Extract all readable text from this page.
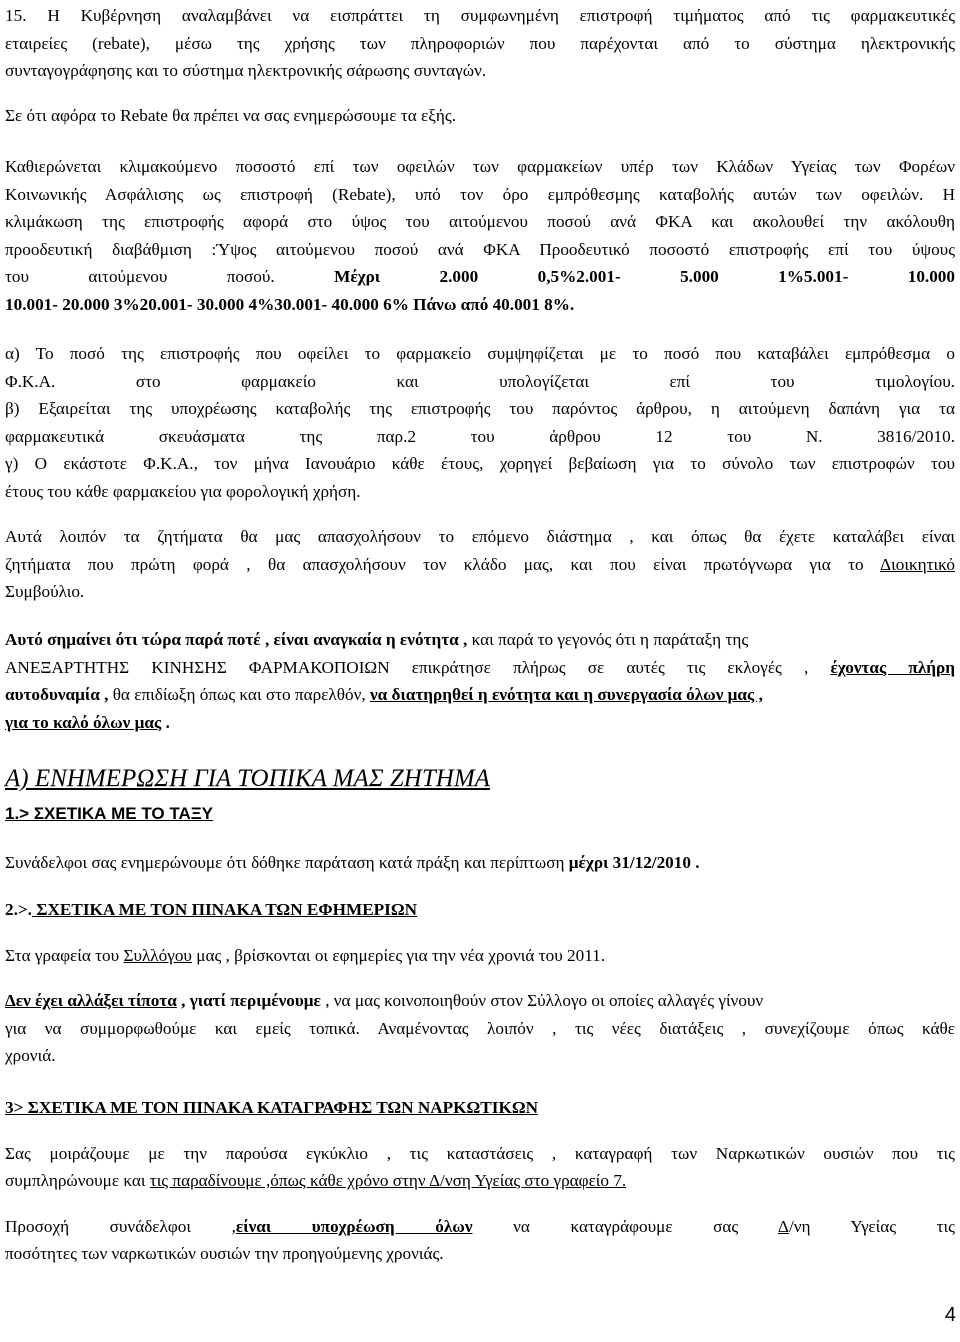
15. Η Κυβέρνηση αναλαμβάνει να εισπράττει τη συμφωνημένη επιστροφή τιμήματος από τις φαρμακευτικές

εταιρείες (rebate), μέσω της χρήσης των πληροφοριών που παρέχονται από το σύστημα ηλεκτρονικής

συνταγογράφησης και το σύστημα ηλεκτρονικής σάρωσης συνταγών.

Σε ότι αφόρα το Rebate θα πρέπει να σας ενημερώσουμε τα εξής.

Καθιερώνεται κλιμακούμενο ποσοστό επί των οφειλών των φαρμακείων υπέρ των Κλάδων Υγείας των Φορέων

Κοινωνικής Ασφάλισης ως επιστροφή (Rebate), υπό τον όρο εμπρόθεσμης καταβολής αυτών των οφειλών. Η

κλιμάκωση της επιστροφής αφορά στο ύψος του αιτούμενου ποσού ανά ΦΚΑ και ακολουθεί την ακόλουθη

προοδευτική διαβάθμιση :Ύψος αιτούμενου ποσού ανά ΦΚΑ Προοδευτικό ποσοστό επιστροφής επί του ύψους

του αιτούμενου ποσού.	Μέχρι 2.000 0,5%2.001- 5.000 1%5.001- 10.000

10.001- 20.000 3%20.001- 30.000 4%30.001- 40.000 6% Πάνω από 40.001 8%.

α) Το ποσό της επιστροφής που οφείλει το φαρμακείο συμψηφίζεται με το ποσό που καταβάλει εμπρόθεσμα ο

Φ.Κ.Α. στο φαρμακείο και υπολογίζεται επί του τιμολογίου.

β) Εξαιρείται της υποχρέωσης καταβολής της επιστροφής του παρόντος άρθρου, η αιτούμενη δαπάνη για τα

φαρμακευτικά σκευάσματα της παρ.2 του άρθρου 12 του Ν. 3816/2010.

γ) Ο εκάστοτε Φ.Κ.Α., τον μήνα Ιανουάριο κάθε έτους, χορηγεί βεβαίωση για το σύνολο των επιστροφών του

έτους του κάθε φαρμακείου για φορολογική χρήση.

Αυτά λοιπόν τα ζητήματα θα μας απασχολήσουν το επόμενο διάστημα , και όπως θα έχετε καταλάβει είναι

ζητήματα που πρώτη φορά , θα απασχολήσουν τον κλάδο μας, και που είναι πρωτόγνωρα για το Διοικητικό

Συμβούλιο.

Αυτό σημαίνει ότι τώρα παρά ποτέ , είναι αναγκαία η ενότητα , και παρά το γεγονός ότι η παράταξη της

ΑΝΕΞΑΡΤΗΤΗΣ ΚΙΝΗΣΗΣ ΦΑΡΜΑΚΟΠΟΙΩΝ επικράτησε πλήρως σε αυτές τις εκλογές , έχοντας πλήρη

αυτοδυναμία , θα επιδίωξη όπως και στο παρελθόν, να διατηρηθεί η ενότητα και η συνεργασία όλων μας ,

για το καλό όλων μας .

Α) ΕΝΗΜΕΡΩΣΗ ΓΙΑ ΤΟΠΙΚΑ ΜΑΣ ΖΗΤΗΜΑ

1.> ΣΧΕΤΙΚΑ ΜΕ ΤΟ ΤΑΞΥ

Συνάδελφοι σας ενημερώνουμε ότι δόθηκε παράταση κατά πράξη και περίπτωση μέχρι 31/12/2010 .

2.>. ΣΧΕΤΙΚΑ ΜΕ ΤΟΝ ΠΙΝΑΚΑ ΤΩΝ ΕΦΗΜΕΡΙΩΝ

Στα γραφεία του Συλλόγου μας , βρίσκονται οι εφημερίες για την νέα χρονιά του 2011.

Δεν έχει αλλάξει τίποτα , γιατί περιμένουμε , να μας κοινοποιηθούν στον Σύλλογο οι οποίες αλλαγές γίνουν

για να συμμορφωθούμε και εμείς τοπικά. Αναμένοντας λοιπόν , τις νέες διατάξεις , συνεχίζουμε όπως κάθε

χρονιά.

3> ΣΧΕΤΙΚΑ ΜΕ ΤΟΝ ΠΙΝΑΚΑ ΚΑΤΑΓΡΑΦΗΣ ΤΩΝ ΝΑΡΚΩΤΙΚΩΝ

Σας μοιράζουμε με την παρούσα εγκύκλιο , τις καταστάσεις , καταγραφή των Ναρκωτικών ουσιών που τις

συμπληρώνουμε και τις παραδίνουμε ,όπως κάθε χρόνο στην Δ/νση Υγείας στο γραφείο 7.

Προσοχή συνάδελφοι ,είναι υποχρέωση όλων να καταγράφουμε σας Δ/νη Υγείας τις

ποσότητες των ναρκωτικών ουσιών την προηγούμενης χρονιάς.

4
